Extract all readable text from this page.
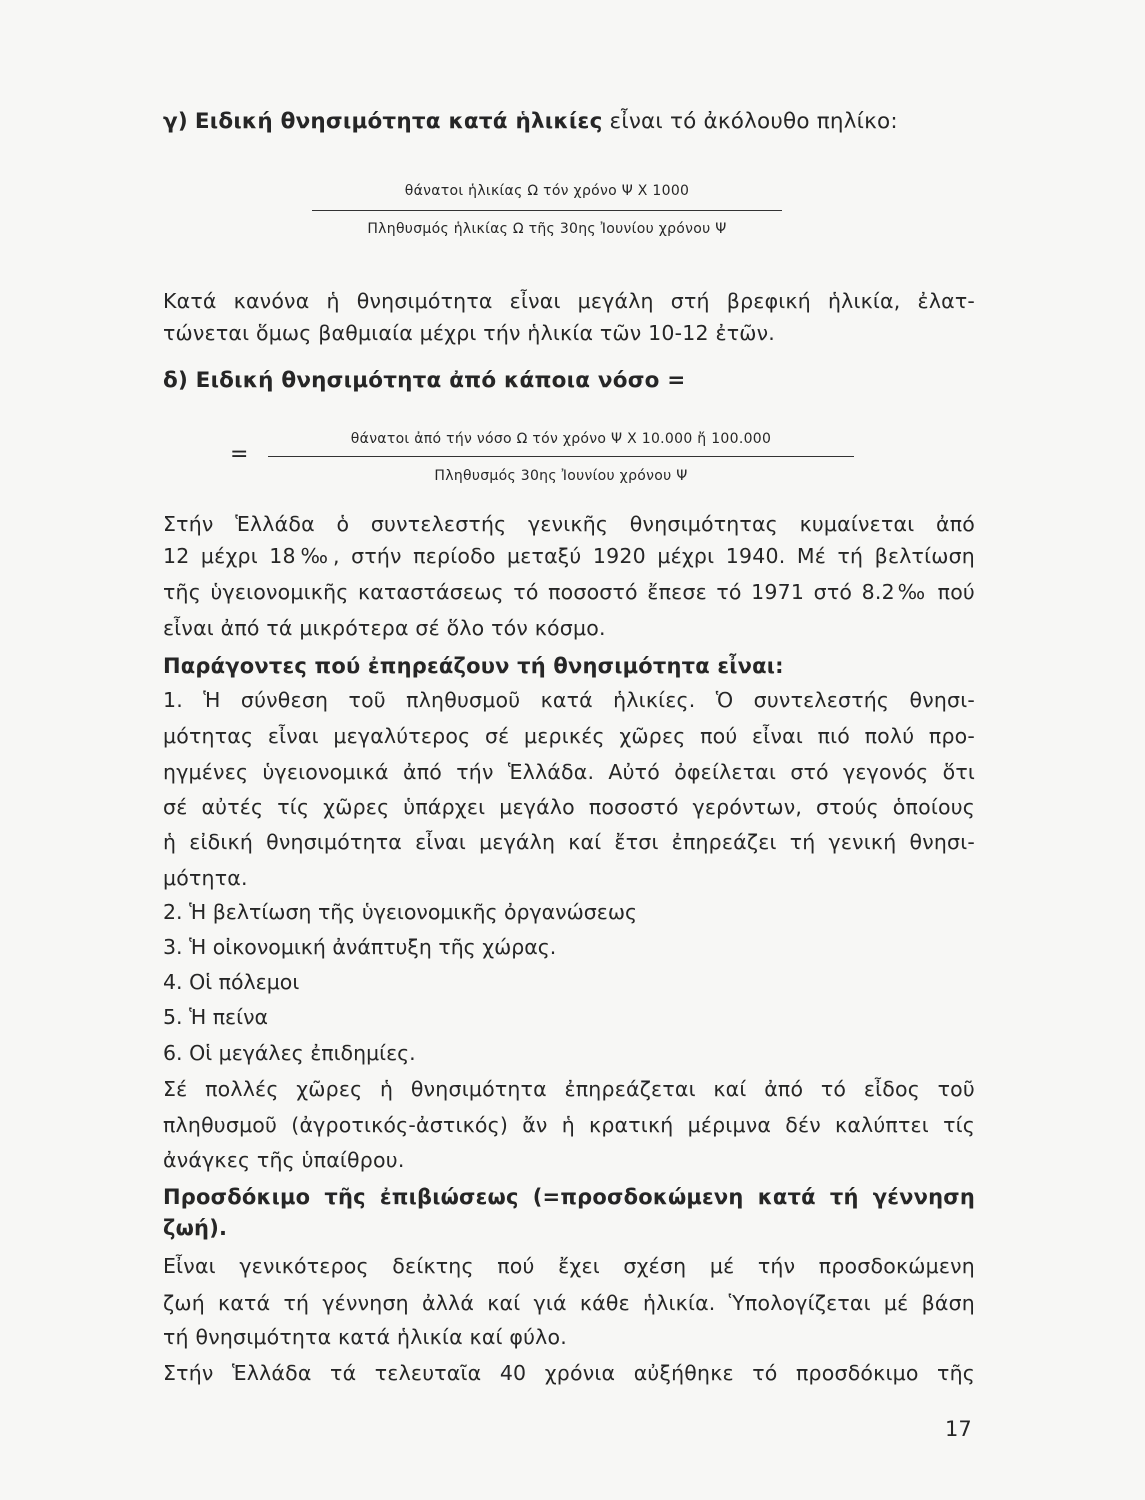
γ) Ειδική θνησιμότητα κατά ἡλικίες εἶναι τό ἀκόλουθο πηλίκο:
θάνατοι ἡλικίας Ω τόν χρόνο Ψ Χ 1000
Πληθυσμός ἡλικίας Ω τῆς 30ης Ἰουνίου χρόνου Ψ
Κατά κανόνα ἡ θνησιμότητα εἶναι μεγάλη στή βρεφική ἡλικία, ἐλατ-
τώνεται ὅμως βαθμιαία μέχρι τήν ἡλικία τῶν 10-12 ἐτῶν.
δ) Ειδική θνησιμότητα ἀπό κάποια νόσο =
=
θάνατοι ἀπό τήν νόσο Ω τόν χρόνο Ψ Χ 10.000 ἤ 100.000
Πληθυσμός 30ης Ἰουνίου χρόνου Ψ
Στήν Ἑλλάδα ὁ συντελεστής γενικῆς θνησιμότητας κυμαίνεται ἀπό
12 μέχρι 18‰, στήν περίοδο μεταξύ 1920 μέχρι 1940. Μέ τή βελτίωση
τῆς ὑγειονομικῆς καταστάσεως τό ποσοστό ἔπεσε τό 1971 στό 8.2‰ πού
εἶναι ἀπό τά μικρότερα σέ ὅλο τόν κόσμο.
Παράγοντες πού ἐπηρεάζουν τή θνησιμότητα εἶναι:
1. Ἡ σύνθεση τοῦ πληθυσμοῦ κατά ἡλικίες. Ὁ συντελεστής θνησι-
μότητας εἶναι μεγαλύτερος σέ μερικές χῶρες πού εἶναι πιό πολύ προ-
ηγμένες ὑγειονομικά ἀπό τήν Ἑλλάδα. Αὐτό ὀφείλεται στό γεγονός ὅτι
σέ αὐτές τίς χῶρες ὑπάρχει μεγάλο ποσοστό γερόντων, στούς ὁποίους
ἡ εἰδική θνησιμότητα εἶναι μεγάλη καί ἔτσι ἐπηρεάζει τή γενική θνησι-
μότητα.
2. Ἡ βελτίωση τῆς ὑγειονομικῆς ὀργανώσεως
3. Ἡ οἰκονομική ἀνάπτυξη τῆς χώρας.
4. Οἱ πόλεμοι
5. Ἡ πείνα
6. Οἱ μεγάλες ἐπιδημίες.
Σέ πολλές χῶρες ἡ θνησιμότητα ἐπηρεάζεται καί ἀπό τό εἶδος τοῦ
πληθυσμοῦ (ἀγροτικός-ἀστικός) ἄν ἡ κρατική μέριμνα δέν καλύπτει τίς
ἀνάγκες τῆς ὑπαίθρου.
Προσδόκιμο τῆς ἐπιβιώσεως (=προσδοκώμενη κατά τή γέννηση
ζωή).
Εἶναι γενικότερος δείκτης πού ἔχει σχέση μέ τήν προσδοκώμενη
ζωή κατά τή γέννηση ἀλλά καί γιά κάθε ἡλικία. Ὑπολογίζεται μέ βάση
τή θνησιμότητα κατά ἡλικία καί φύλο.
Στήν Ἑλλάδα τά τελευταῖα 40 χρόνια αὐξήθηκε τό προσδόκιμο τῆς
17
